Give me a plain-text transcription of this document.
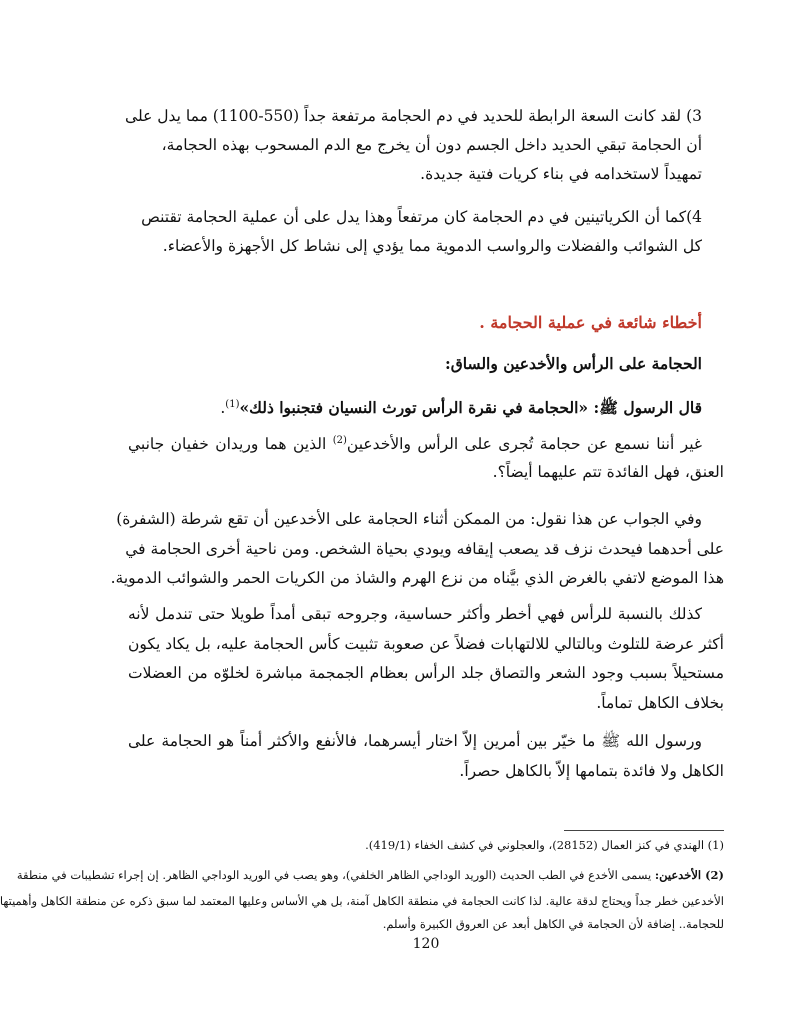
3) لقد كانت السعة الرابطة للحديد في دم الحجامة مرتفعة جداً (550-1100) مما يدل على
أن الحجامة تبقي الحديد داخل الجسم دون أن يخرج مع الدم المسحوب بهذه الحجامة،
تمهيداً لاستخدامه في بناء كريات فتية جديدة.
4)كما أن الكرياتينين في دم الحجامة كان مرتفعاً وهذا يدل على أن عملية الحجامة تقتنص
كل الشوائب والفضلات والرواسب الدموية مما يؤدي إلى نشاط كل الأجهزة والأعضاء.
أخطاء شائعة في عملية الحجامة .
الحجامة على الرأس والأخدعين والساق:
قال الرسول ﷺ: «الحجامة في نقرة الرأس تورث النسيان فتجنبوا ذلك»$^{(1)}$.
غير أننا نسمع عن حجامة تُجرى على الرأس والأخدعين$^{(2)}$ الذين هما وريدان خفيان جانبي
العنق، فهل الفائدة تتم عليهما أيضاً؟.
وفي الجواب عن هذا نقول: من الممكن أثناء الحجامة على الأخدعين أن تقع شرطة (الشفرة)
على أحدهما فيحدث نزف قد يصعب إيقافه ويودي بحياة الشخص. ومن ناحية أخرى الحجامة في
هذا الموضع لاتفي بالغرض الذي بيَّناه من نزع الهرم والشاذ من الكريات الحمر والشوائب الدموية.
كذلك بالنسبة للرأس فهي أخطر وأكثر حساسية، وجروحه تبقى أمداً طويلا حتى تندمل لأنه
أكثر عرضة للتلوث وبالتالي للالتهابات فضلاً عن صعوبة تثبيت كأس الحجامة عليه، بل يكاد يكون
مستحيلاً بسبب وجود الشعر والتصاق جلد الرأس بعظام الجمجمة مباشرة لخلوّه من العضلات
بخلاف الكاهل تماماً.
ورسول الله ﷺ ما خيّر بين أمرين إلاّ اختار أيسرهما، فالأنفع والأكثر أمناً هو الحجامة على
الكاهل ولا فائدة بتمامها إلاّ بالكاهل حصراً.
(1) الهندي في كنز العمال (28152)، والعجلوني في كشف الخفاء (419/1).
(2) الأخدعين: يسمى الأخدع في الطب الحديث (الوريد الوداجي الظاهر الخلفي)، وهو يصب في الوريد الوداجي الظاهر. إن إجراء تشطيبات في منطقة
الأخدعين خطر جداً ويحتاج لدقة عالية. لذا كانت الحجامة في منطقة الكاهل آمنة، بل هي الأساس وعليها المعتمد لما سبق ذكره عن منطقة الكاهل وأهميتها
للحجامة.. إضافة لأن الحجامة في الكاهل أبعد عن العروق الكبيرة وأسلم.
120
